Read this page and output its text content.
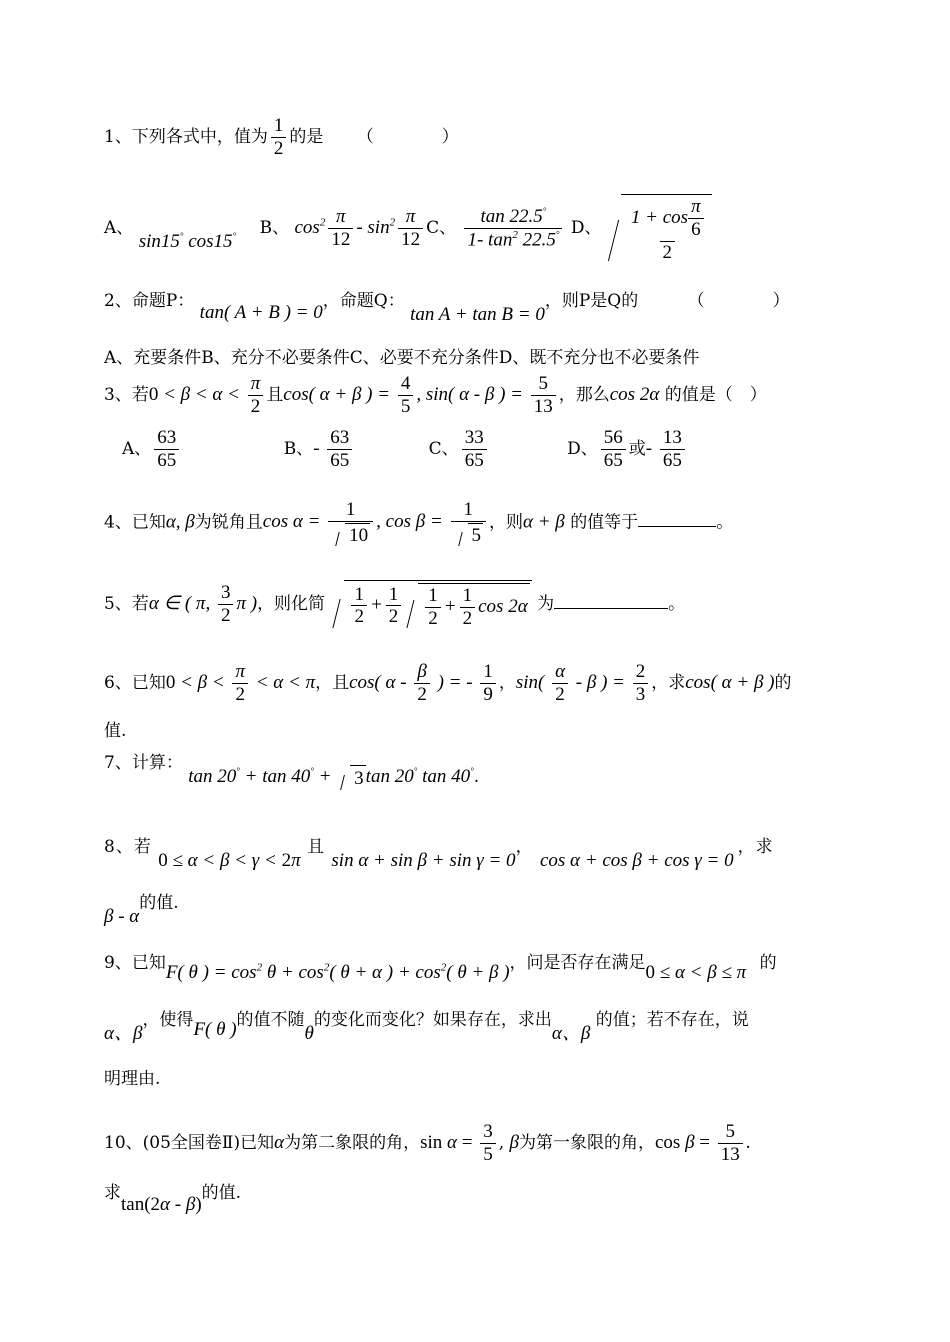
1、下列各式中，值为 $\frac{1}{2}$ 的是 （　　　　）
A、 sin15° cos15° B、 $\cos^2 \frac{\pi}{12} - \sin^2 \frac{\pi}{12}$ C、 $\frac{\tan 22.5^\circ}{1- \tan^2 22.5^\circ}$ D、 $\frac{1 + \cos \frac{\pi}{6}}{2}$
2、命题P： tan( A + B ) = 0，命题Q： tan A + tan B = 0，则P是Q的	（　　　　）
A、充要条件B、充分不必要条件C、必要不充分条件D、既不充分也不必要条件
3、若$0 < \beta < \alpha < \frac{\pi}{2}$ 且cos( α + β ) = $\frac{4}{5}$ , sin( α - β ) = $\frac{5}{13}$ ，那么cos 2α 的值是（　）
A、 $\frac{63}{65}$	B、- $\frac{63}{65}$	C、 $\frac{33}{65}$	D、 $\frac{56}{65}$ 或- $\frac{13}{65}$
4、已知α, β为锐角且$\cos \alpha = \frac{1}{10}$ , $\cos \beta = \frac{1}{5}$ ，则α + β 的值等于	。
5、若α ∈ ( π, $\frac{3}{2}$ π )，则化简 $\frac{1}{2} + \frac{1}{2} \frac{1}{2} + \frac{1}{2}$ cos 2α 为	。
6、已知$0 < \beta < \frac{\pi}{2} < \alpha < \pi$，且cos( α - $\frac{\beta}{2}$ ) = - $\frac{1}{9}$ ，$\sin( \frac{\alpha}{2}$ - β ) = $\frac{2}{3}$ ，求cos( α + β )的
值.
7、计算： tan 20° + tan 40° + 3 tan 20° tan 40°.
8、若 0 ≤ α < β < γ < 2π 且 sin α + sin β + sin γ = 0， cos α + cos β + cos γ = 0，求
β - α的值.
9、已知F( θ ) = $\cos^2 \theta + \cos^2$( θ + α ) + $\cos^2$( θ + β )，问是否存在满足0 ≤ α < β ≤ π 的
α、β，使得F( θ )的值不随θ的变化而变化？如果存在，求出α、β 的值；若不存在，说
明理由.
10、(05全国卷Ⅱ)已知α为第二象限的角，$\sin \alpha = \frac{3}{5}$ , β为第一象限的角，$\cos \beta = \frac{5}{13}$ .
求tan(2α - β)的值.
